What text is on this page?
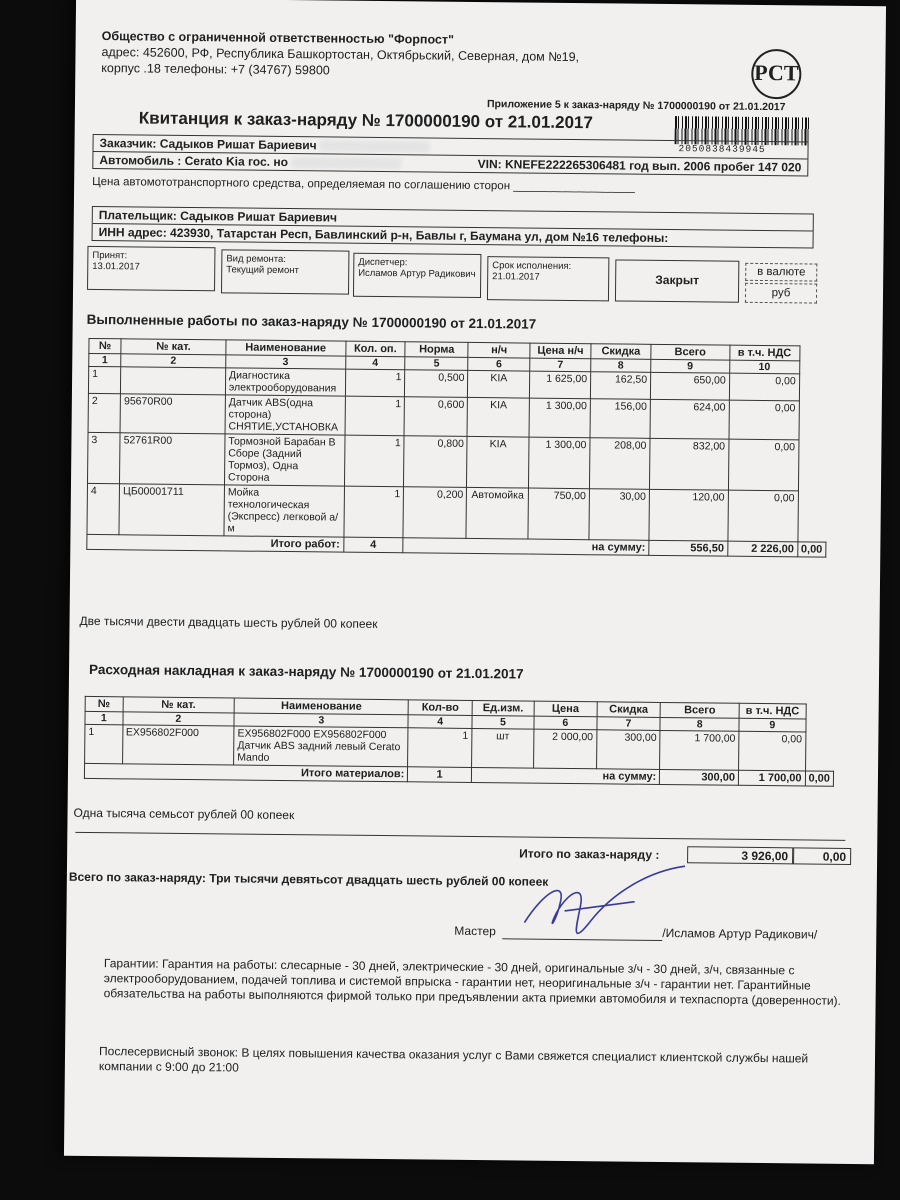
Общество с ограниченной ответственностью "Форпост"
адрес: 452600, РФ, Республика Башкортостан, Октябрьский, Северная, дом №19,
корпус .18 телефоны: +7 (34767) 59800	РСТ
Приложение 5 к заказ-наряду № 1700000190 от 21.01.2017
Квитанция к заказ-наряду № 1700000190 от 21.01.2017
2050838439945
Заказчик: Садыков Ришат Бариевич
Автомобиль : Cerato Kia гос. но	VIN: KNEFE222265306481 год вып. 2006 пробег 147 020
Цена автомототранспортного средства, определяемая по соглашению сторон ___________________
Плательщик: Садыков Ришат Бариевич
ИНН адрес: 423930, Татарстан Респ, Бавлинский р-н, Бавлы г, Баумана ул, дом №16 телефоны:
Принят:
13.01.2017
Вид ремонта:
Текущий ремонт
Диспетчер:
Исламов Артур Радикович
Срок исполнения:
21.01.2017	Закрыт
в валюте
руб
Выполненные работы по заказ-наряду № 1700000190 от 21.01.2017
№	№ кат.	Наименование	Кол. оп.	Норма	н/ч	Цена н/ч	Скидка	Всего	в т.ч. НДС	
1	2	3	4	5	6	7	8	9	10	
1		Диагностика электрооборудования	1	0,500	KIA	1 625,00	162,50	650,00	0,00	
2	95670R00	Датчик ABS(одна сторона) СНЯТИЕ,УСТАНОВКА	1	0,600	KIA	1 300,00	156,00	624,00	0,00	
3	52761R00	Тормозной Барабан В Сборе (Задний Тормоз), Одна Сторона	1	0,800	KIA	1 300,00	208,00	832,00	0,00	
4	ЦБ00001711	Мойка технологическая (Экспресс) легковой а/м	1	0,200	Автомойка	750,00	30,00	120,00	0,00	
Итого работ:			4	на сумму:				556,50	2 226,00	0,00
Две тысячи двести двадцать шесть рублей 00 копеек
Расходная накладная к заказ-наряду № 1700000190 от 21.01.2017
№	№ кат.	Наименование	Кол-во	Ед.изм.	Цена	Скидка	Всего	в т.ч. НДС	
1	2	3	4	5	6	7	8	9	
1	EX956802F000	EX956802F000 EX956802F000 Датчик ABS задний левый Cerato Mando	1	шт	2 000,00	300,00	1 700,00	0,00	
Итого материалов:			1	на сумму:			300,00	1 700,00	0,00
Одна тысяча семьсот рублей 00 копеек
Итого по заказ-наряду :	3 926,00	0,00
Всего по заказ-наряду: Три тысячи девятьсот двадцать шесть рублей 00 копеек
Мастер	/Исламов Артур Радикович/
Гарантии: Гарантия на работы: слесарные - 30 дней, электрические - 30 дней, оригинальные з/ч - 30 дней, з/ч, связанные с электрооборудованием, подачей топлива и системой впрыска - гарантии нет, неоригинальные з/ч - гарантии нет. Гарантийные обязательства на работы выполняются фирмой только при предъявлении акта приемки автомобиля и техпаспорта (доверенности).
Послесервисный звонок: В целях повышения качества оказания услуг с Вами свяжется специалист клиентской службы нашей компании с 9:00 до 21:00
